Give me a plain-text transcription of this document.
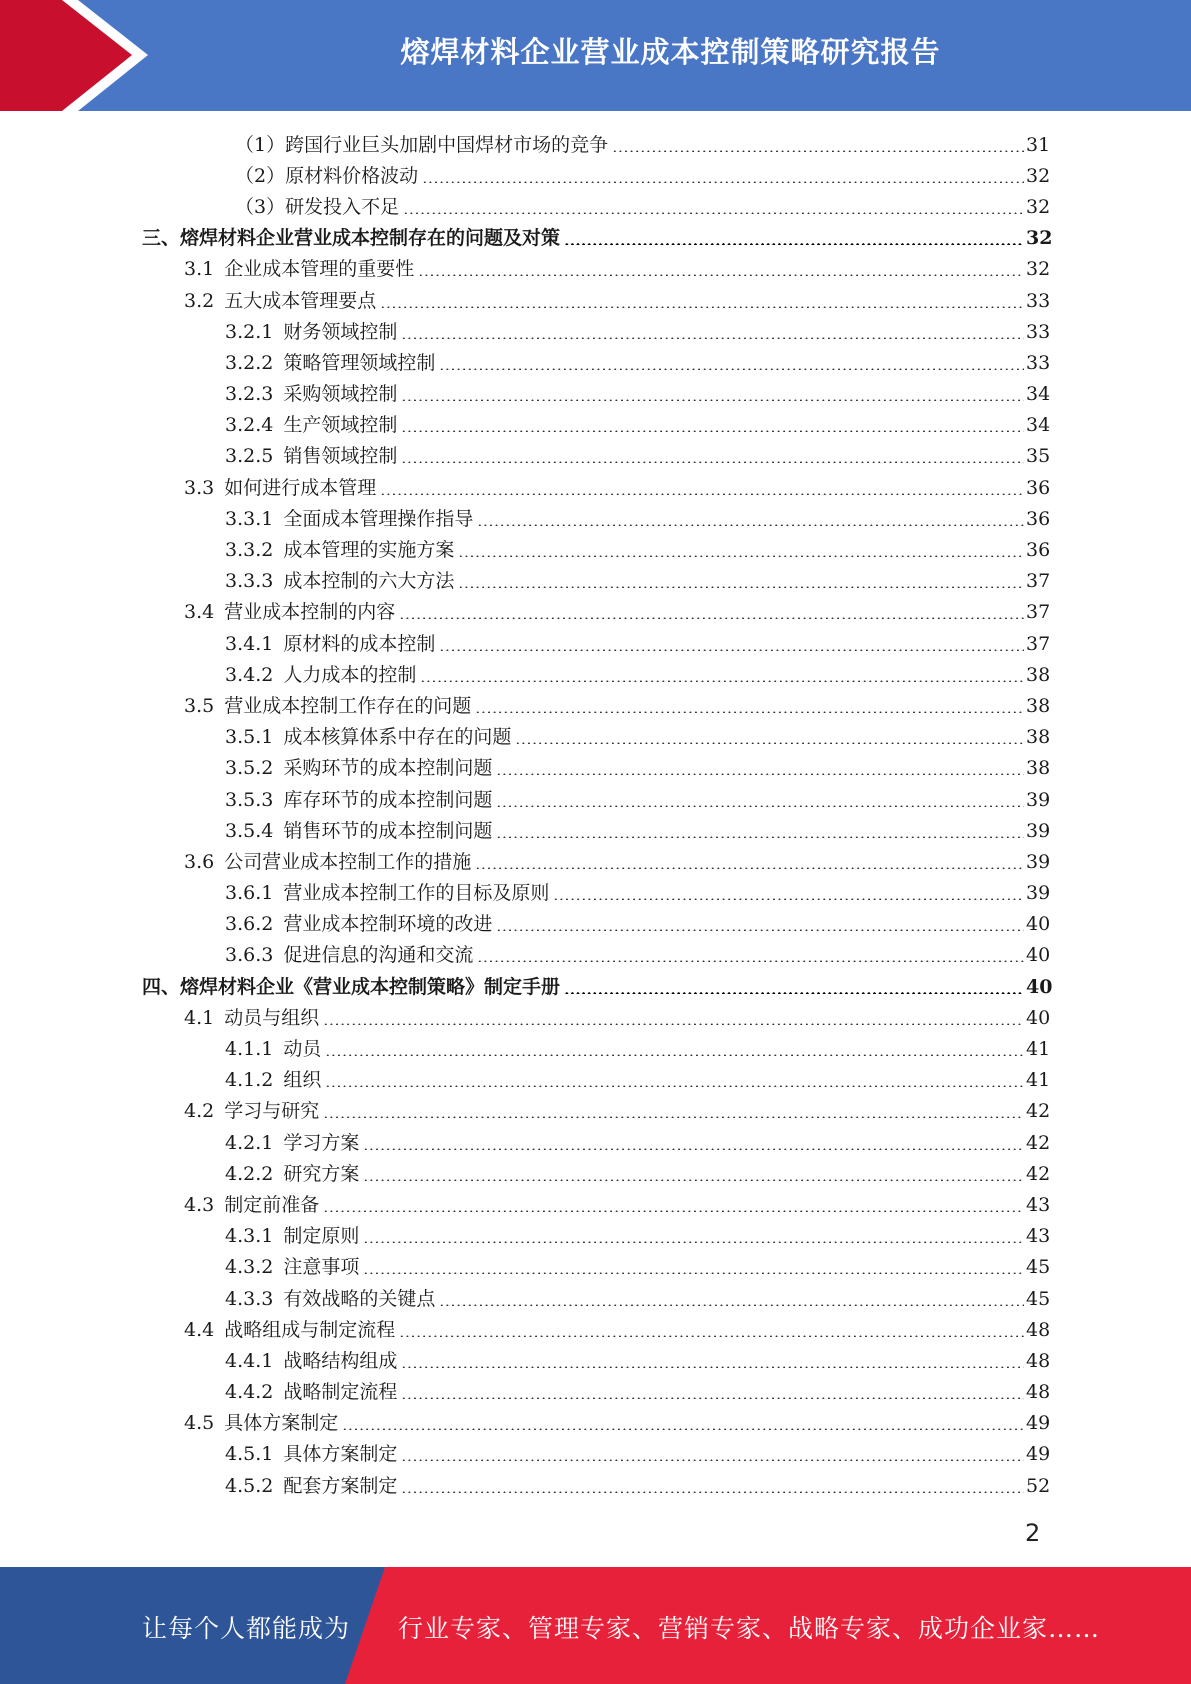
熔焊材料企业营业成本控制策略研究报告
（1）跨国行业巨头加剧中国焊材市场的竞争	31
（2）原材料价格波动	32
（3）研发投入不足	32
三、熔焊材料企业营业成本控制存在的问题及对策	32
3.1 企业成本管理的重要性	32
3.2 五大成本管理要点	33
3.2.1 财务领域控制	33
3.2.2 策略管理领域控制	33
3.2.3 采购领域控制	34
3.2.4 生产领域控制	34
3.2.5 销售领域控制	35
3.3 如何进行成本管理	36
3.3.1 全面成本管理操作指导	36
3.3.2 成本管理的实施方案	36
3.3.3 成本控制的六大方法	37
3.4 营业成本控制的内容	37
3.4.1 原材料的成本控制	37
3.4.2 人力成本的控制	38
3.5 营业成本控制工作存在的问题	38
3.5.1 成本核算体系中存在的问题	38
3.5.2 采购环节的成本控制问题	38
3.5.3 库存环节的成本控制问题	39
3.5.4 销售环节的成本控制问题	39
3.6 公司营业成本控制工作的措施	39
3.6.1 营业成本控制工作的目标及原则	39
3.6.2 营业成本控制环境的改进	40
3.6.3 促进信息的沟通和交流	40
四、熔焊材料企业《营业成本控制策略》制定手册	40
4.1 动员与组织	40
4.1.1 动员	41
4.1.2 组织	41
4.2 学习与研究	42
4.2.1 学习方案	42
4.2.2 研究方案	42
4.3 制定前准备	43
4.3.1 制定原则	43
4.3.2 注意事项	45
4.3.3 有效战略的关键点	45
4.4 战略组成与制定流程	48
4.4.1 战略结构组成	48
4.4.2 战略制定流程	48
4.5 具体方案制定	49
4.5.1 具体方案制定	49
4.5.2 配套方案制定	52
2
让每个人都能成为 行业专家、管理专家、营销专家、战略专家、成功企业家……
